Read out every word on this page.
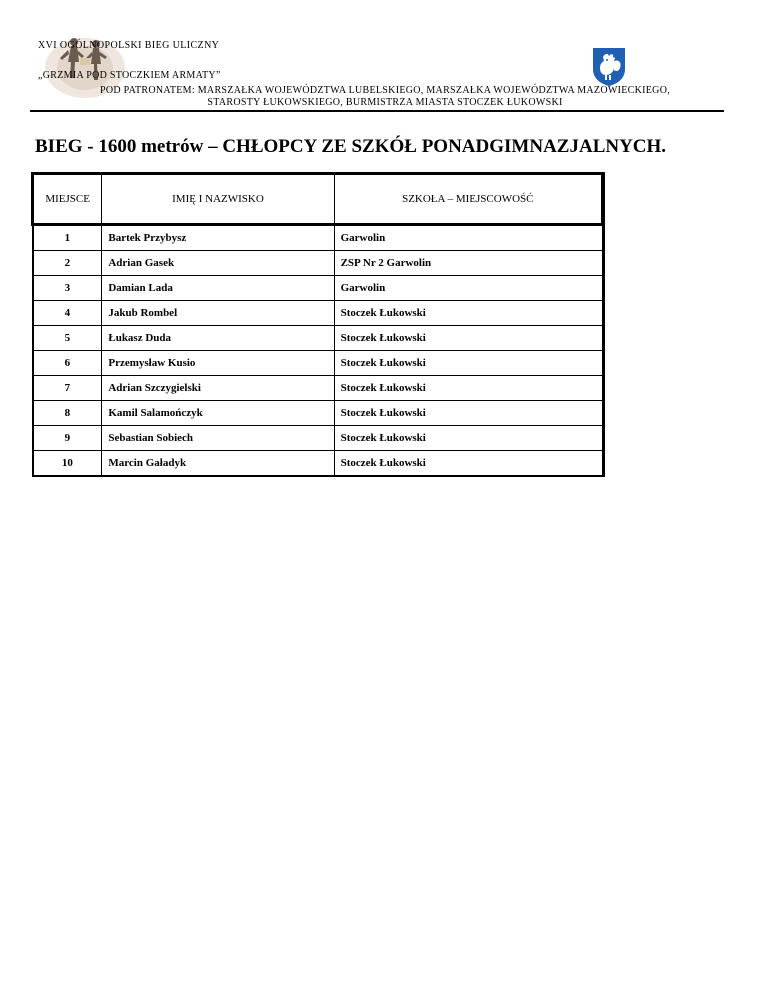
XVI OGÓLNOPOLSKI BIEG ULICZNY
„GRZMIA POD STOCZKIEM ARMATY”
POD PATRONATEM: MARSZAŁKA WOJEWÓDZTWA LUBELSKIEGO, MARSZAŁKA WOJEWÓDZTWA MAZOWIECKIEGO,
STAROSTY ŁUKOWSKIEGO, BURMISTRZA MIASTA STOCZEK ŁUKOWSKI
BIEG - 1600 metrów – CHŁOPCY ZE SZKÓŁ PONADGIMNAZJALNYCH.
MIEJSCE	IMIĘ I NAZWISKO	SZKOŁA – MIEJSCOWOŚĆ
1	Bartek Przybysz	Garwolin
2	Adrian Gasek	ZSP Nr 2 Garwolin
3	Damian Lada	Garwolin
4	Jakub Rombel	Stoczek Łukowski
5	Łukasz Duda	Stoczek Łukowski
6	Przemysław Kusio	Stoczek Łukowski
7	Adrian Szczygielski	Stoczek Łukowski
8	Kamil Salamończyk	Stoczek Łukowski
9	Sebastian Sobiech	Stoczek Łukowski
10	Marcin Gaładyk	Stoczek Łukowski
